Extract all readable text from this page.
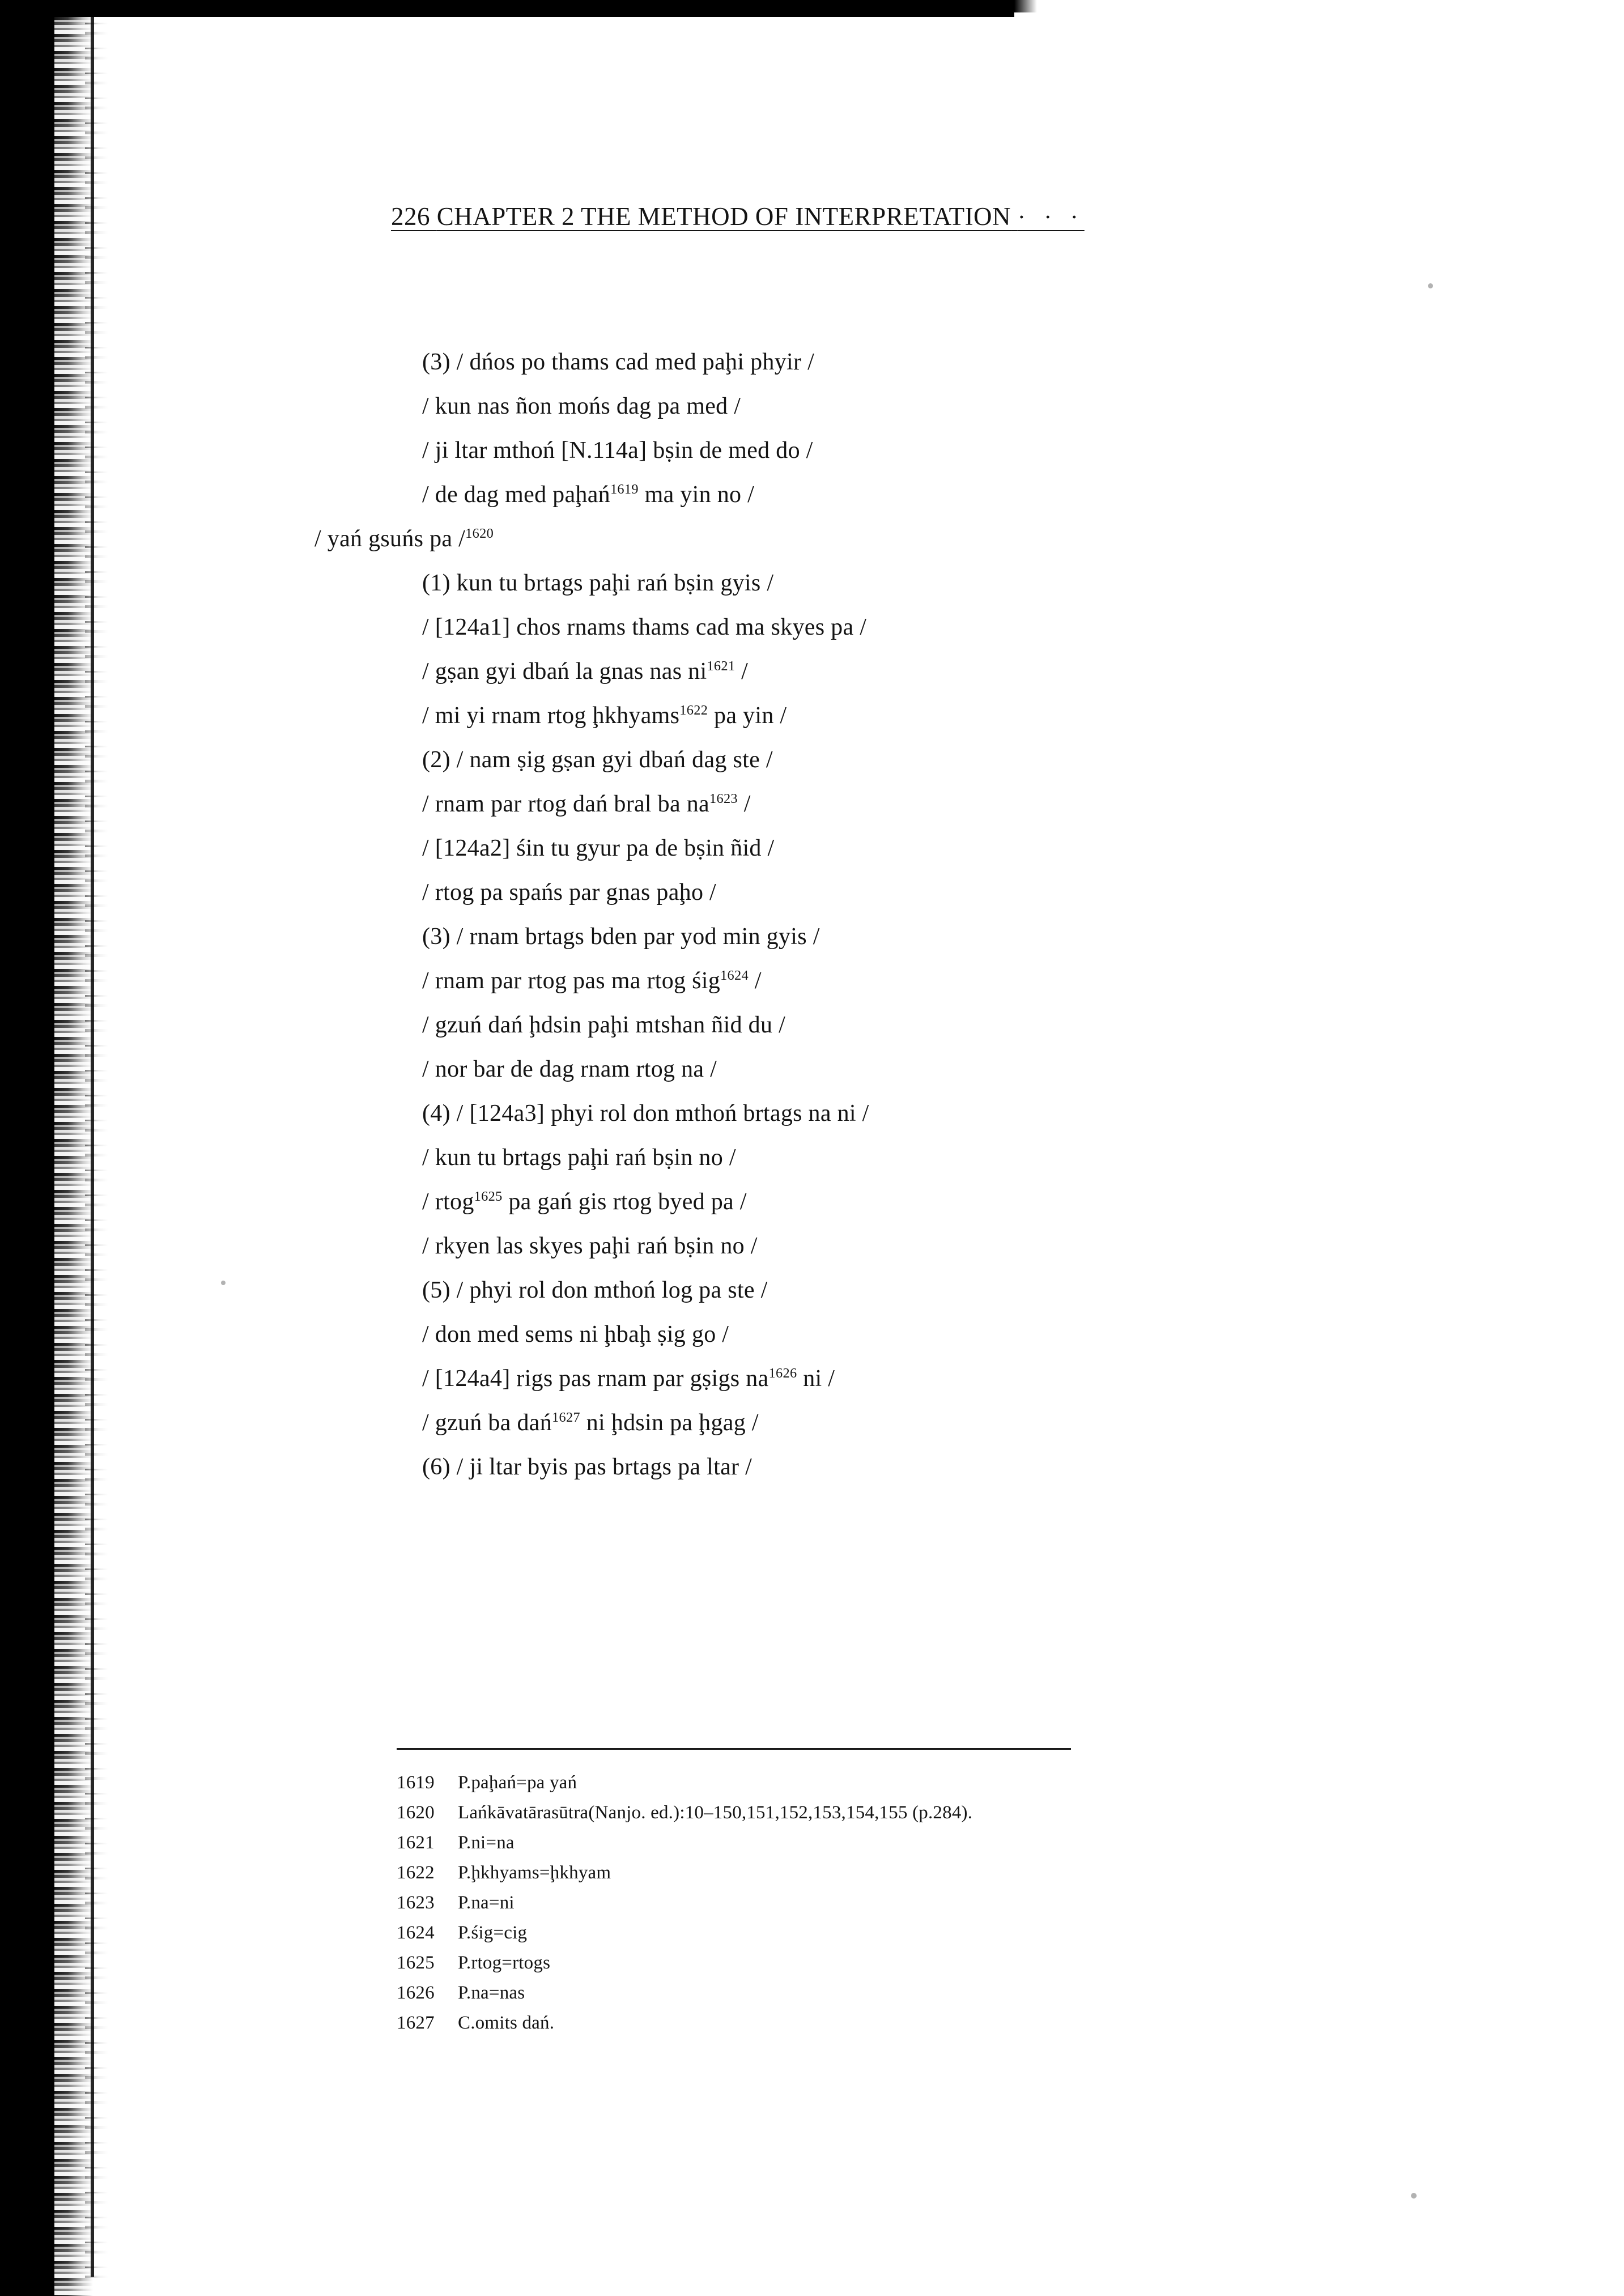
226 CHAPTER 2 THE METHOD OF INTERPRETATION · · ·
(3) / dńos po thams cad med paḩi phyir /
/ kun nas ñon mońs dag pa med /
/ ji ltar mthoń [N.114a] bṣin de med do /
/ de dag med paḩań$^{1619}$ ma yin no /
/ yań gsuńs pa /$^{1620}$
(1) kun tu brtags paḩi rań bṣin gyis /
/ [124a1] chos rnams thams cad ma skyes pa /
/ gṣan gyi dbań la gnas nas $ni^{1621}$ /
/ mi yi rnam rtog ḩkhyams$^{1622}$ pa yin /
(2) / nam ṣig gṣan gyi dbań dag ste /
/ rnam par rtog dań bral ba $na^{1623}$ /
/ [124a2] śin tu gyur pa de bṣin ñid /
/ rtog pa spańs par gnas paḩo /
(3) / rnam brtags bden par yod min gyis /
/ rnam par rtog pas ma rtog śig$^{1624}$ /
/ gzuń dań ḩdsin paḩi mtshan ñid du /
/ nor bar de dag rnam rtog na /
(4) / [124a3] phyi rol don mthoń brtags na ni /
/ kun tu brtags paḩi rań bṣin no /
/ rtog$^{1625}$ pa gań gis rtog byed pa /
/ rkyen las skyes paḩi rań bṣin no /
(5) / phyi rol don mthoń log pa ste /
/ don med sems ni ḩbaḩ ṣig go /
/ [124a4] rigs pas rnam par gṣigs $na^{1626}$ ni /
/ gzuń ba dań$^{1627}$ ni ḩdsin pa ḩgag /
(6) / ji ltar byis pas brtags pa ltar /
1619 P.paḩań=pa yań
1620 Lańkāvatārasūtra(Nanjo. ed.):10–150,151,152,153,154,155 (p.284).
1621 P.ni=na
1622 P.ḩkhyams=ḩkhyam
1623 P.na=ni
1624 P.śig=cig
1625 P.rtog=rtogs
1626 P.na=nas
1627 C.omits dań.
